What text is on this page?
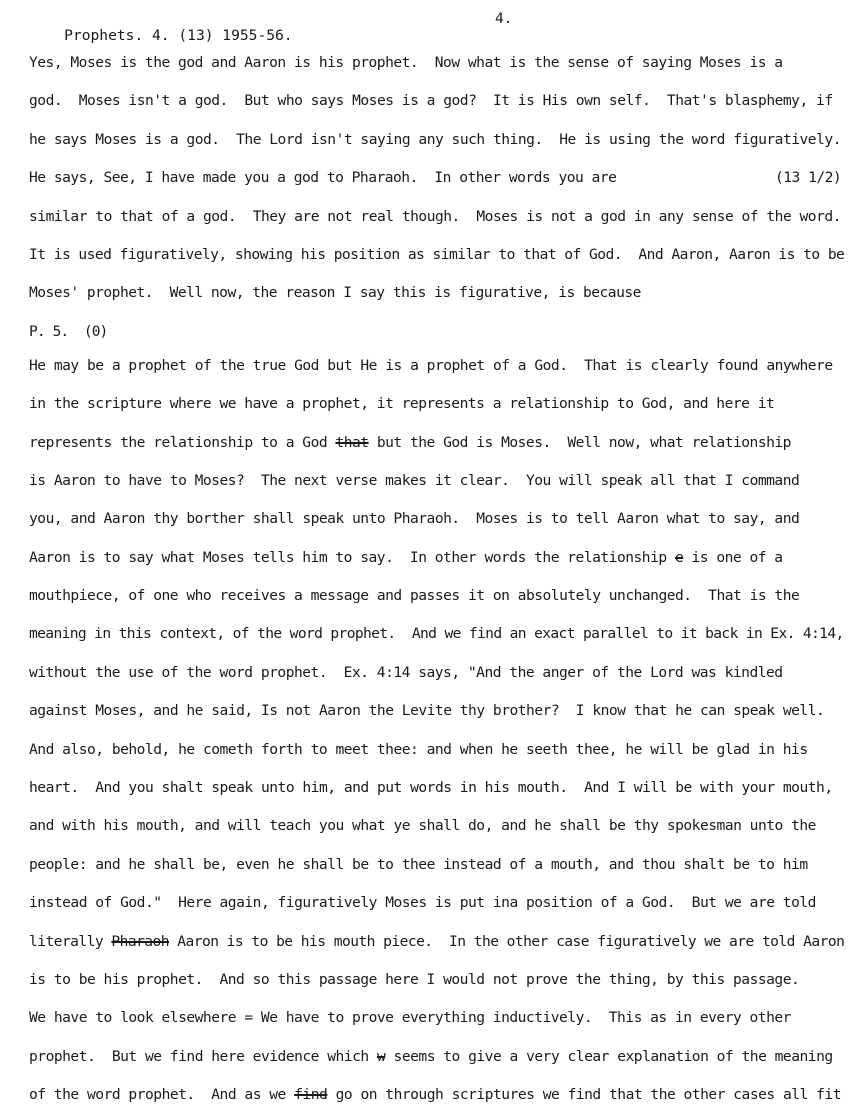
Prophets. 4. (13) 1955-56.

4.

Yes, Moses is the god and Aaron is his prophet.  Now what is the sense of saying Moses is a
god.  Moses isn't a god.  But who says Moses is a god?  It is His own self.  That's blasphemy, if
he says Moses is a god.  The Lord isn't saying any such thing.  He is using the word figuratively.
He says, See, I have made you a god to Pharaoh.  In other words you are	(13 1/2)
similar to that of a god.  They are not real though.  Moses is not a god in any sense of the word.
It is used figuratively, showing his position as similar to that of God.  And Aaron, Aaron is to be
Moses' prophet.  Well now, the reason I say this is figurative, is because
P. 5.  (0)
He may be a prophet of the true God but He is a prophet of a God.  That is clearly found anywhere
in the scripture where we have a prophet, it represents a relationship to God, and here it
represents the relationship to a God that but the God is Moses.  Well now, what relationship
is Aaron to have to Moses?  The next verse makes it clear.  You will speak all that I command
you, and Aaron thy borther shall speak unto Pharaoh.  Moses is to tell Aaron what to say, and
Aaron is to say what Moses tells him to say.  In other words the relationship e is one of a
mouthpiece, of one who receives a message and passes it on absolutely unchanged.  That is the
meaning in this context, of the word prophet.  And we find an exact parallel to it back in Ex. 4:14,
without the use of the word prophet.  Ex. 4:14 says, "And the anger of the Lord was kindled
against Moses, and he said, Is not Aaron the Levite thy brother?  I know that he can speak well.
And also, behold, he cometh forth to meet thee: and when he seeth thee, he will be glad in his
heart.  And you shalt speak unto him, and put words in his mouth.  And I will be with your mouth,
and with his mouth, and will teach you what ye shall do, and he shall be thy spokesman unto the
people: and he shall be, even he shall be to thee instead of a mouth, and thou shalt be to him
instead of God."  Here again, figuratively Moses is put ina position of a God.  But we are told
literally Pharaoh Aaron is to be his mouth piece.  In the other case figuratively we are told Aaron
is to be his prophet.  And so this passage here I would not prove the thing, by this passage.
We have to look elsewhere = We have to prove everything inductively.  This as in every other
prophet.  But we find here evidence which w seems to give a very clear explanation of the meaning
of the word prophet.  And as we find go on through scriptures we find that the other cases all fit
